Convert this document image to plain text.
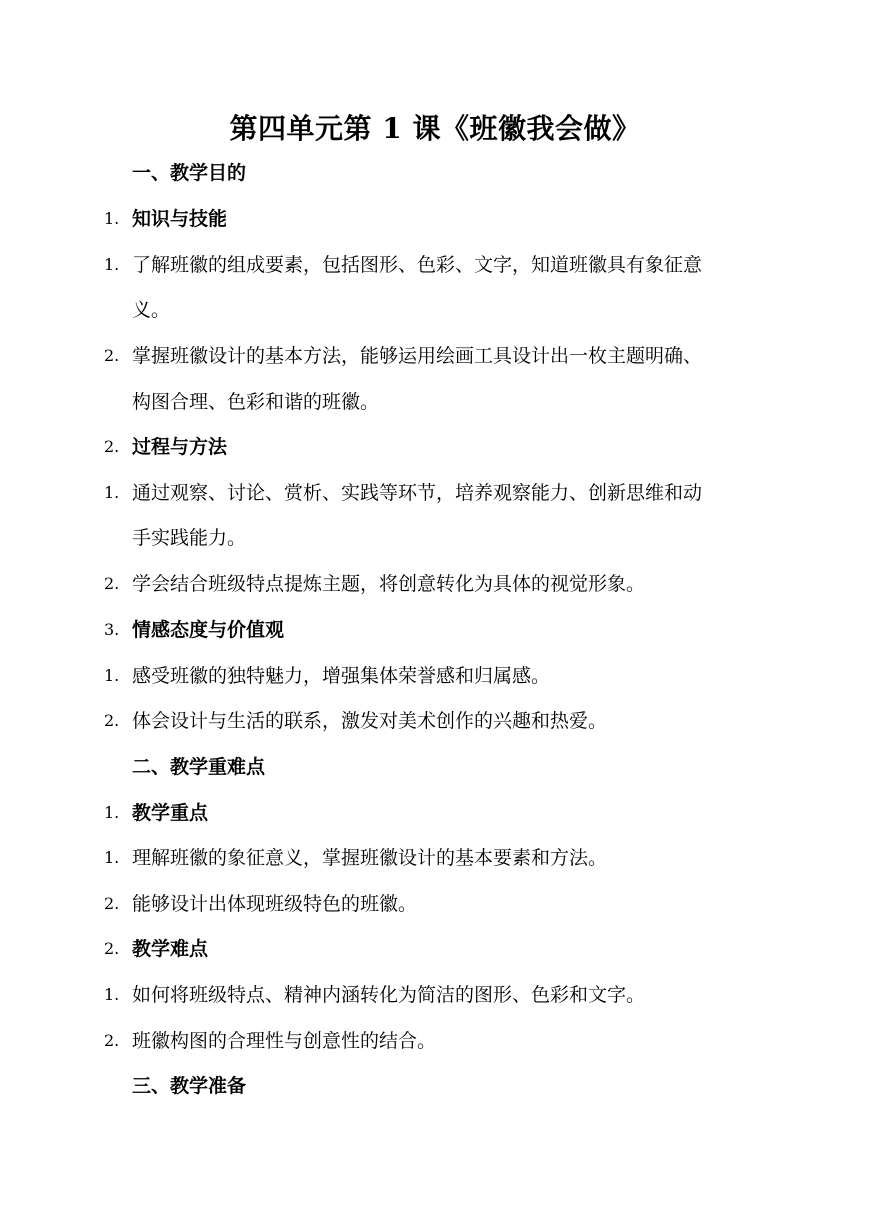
第四单元第 1 课《班徽我会做》
一、教学目的
1. 知识与技能
1. 了解班徽的组成要素，包括图形、色彩、文字，知道班徽具有象征意
义。
2. 掌握班徽设计的基本方法，能够运用绘画工具设计出一枚主题明确、
构图合理、色彩和谐的班徽。
2. 过程与方法
1. 通过观察、讨论、赏析、实践等环节，培养观察能力、创新思维和动
手实践能力。
2. 学会结合班级特点提炼主题，将创意转化为具体的视觉形象。
3. 情感态度与价值观
1. 感受班徽的独特魅力，增强集体荣誉感和归属感。
2. 体会设计与生活的联系，激发对美术创作的兴趣和热爱。
二、教学重难点
1. 教学重点
1. 理解班徽的象征意义，掌握班徽设计的基本要素和方法。
2. 能够设计出体现班级特色的班徽。
2. 教学难点
1. 如何将班级特点、精神内涵转化为简洁的图形、色彩和文字。
2. 班徽构图的合理性与创意性的结合。
三、教学准备
